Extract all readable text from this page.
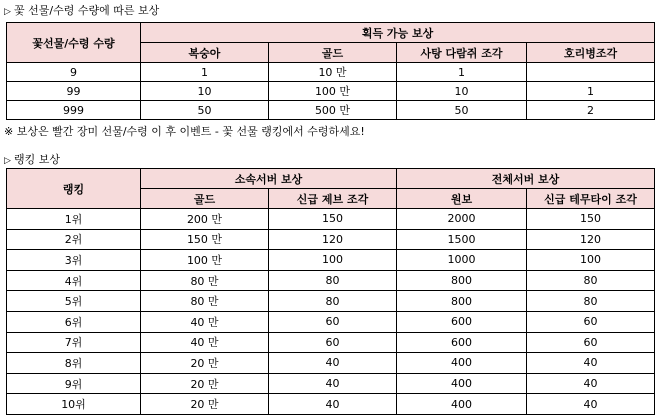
▷ 꽃 선물/수령 수량에 따른 보상
꽃선물/수령 수량	획득 가능 보상			
	복숭아	골드	사탕 다람쥐 조각	호리병조각
9	1	10 만	1	
99	10	100 만	10	1
999	50	500 만	50	2
※ 보상은 빨간 장미 선물/수령 이 후 이벤트 - 꽃 선물 랭킹에서 수령하세요!
▷ 랭킹 보상
랭킹	소속서버 보상		전체서버 보상	
	골드	신급 제브 조각	원보	신급 테무타이 조각
1위	200 만	150	2000	150
2위	150 만	120	1500	120
3위	100 만	100	1000	100
4위	80 만	80	800	80
5위	80 만	80	800	80
6위	40 만	60	600	60
7위	40 만	60	600	60
8위	20 만	40	400	40
9위	20 만	40	400	40
10위	20 만	40	400	40
